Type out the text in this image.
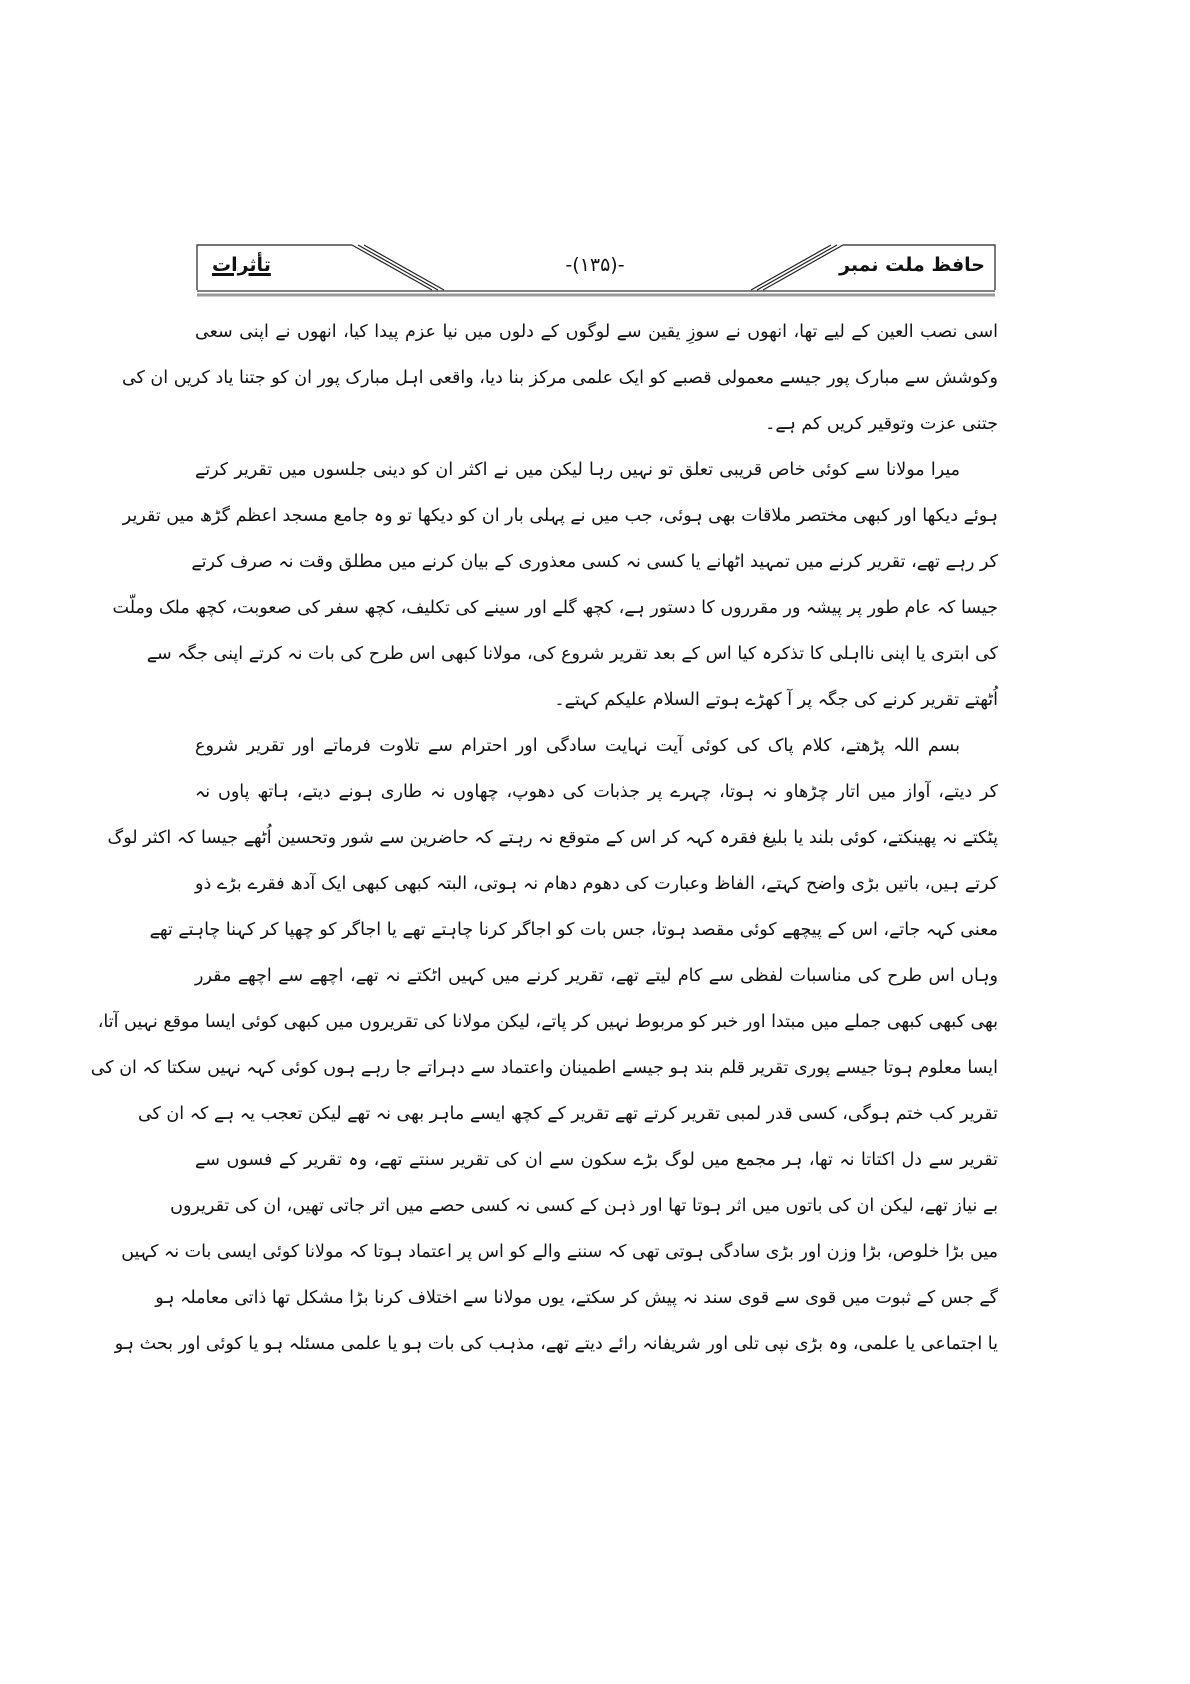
حافظ ملت نمبر
-(۱۳۵)-
تأثرات
اسی نصب العین کے لیے تھا، انھوں نے سوزِ یقین سے لوگوں کے دلوں میں نیا عزم پیدا کیا، انھوں نے اپنی سعی
وکوشش سے مبارک پور جیسے معمولی قصبے کو ایک علمی مرکز بنا دیا، واقعی اہل مبارک پور ان کو جتنا یاد کریں ان کی
جتنی عزت وتوقیر کریں کم ہے۔
میرا مولانا سے کوئی خاص قریبی تعلق تو نہیں رہا لیکن میں نے اکثر ان کو دینی جلسوں میں تقریر کرتے
ہوئے دیکھا اور کبھی مختصر ملاقات بھی ہوئی، جب میں نے پہلی بار ان کو دیکھا تو وہ جامع مسجد اعظم گڑھ میں تقریر
کر رہے تھے، تقریر کرنے میں تمہید اٹھانے یا کسی نہ کسی معذوری کے بیان کرنے میں مطلق وقت نہ صرف کرتے
جیسا کہ عام طور پر پیشہ ور مقرروں کا دستور ہے، کچھ گلے اور سینے کی تکلیف، کچھ سفر کی صعوبت، کچھ ملک وملّت
کی ابتری یا اپنی نااہلی کا تذکرہ کیا اس کے بعد تقریر شروع کی، مولانا کبھی اس طرح کی بات نہ کرتے اپنی جگہ سے
اُٹھتے تقریر کرنے کی جگہ پر آ کھڑے ہوتے السلام علیکم کہتے۔
بسم اللہ پڑھتے، کلام پاک کی کوئی آیت نہایت سادگی اور احترام سے تلاوت فرماتے اور تقریر شروع
کر دیتے، آواز میں اتار چڑھاو نہ ہوتا، چہرے پر جذبات کی دھوپ، چھاوں نہ طاری ہونے دیتے، ہاتھ پاوں نہ
پٹکتے نہ پھینکتے، کوئی بلند یا بلیغ فقرہ کہہ کر اس کے متوقع نہ رہتے کہ حاضرین سے شور وتحسین اُٹھے جیسا کہ اکثر لوگ
کرتے ہیں، باتیں بڑی واضح کہتے، الفاظ وعبارت کی دھوم دھام نہ ہوتی، البتہ کبھی کبھی ایک آدھ فقرے بڑے ذو
معنی کہہ جاتے، اس کے پیچھے کوئی مقصد ہوتا، جس بات کو اجاگر کرنا چاہتے تھے یا اجاگر کو چھپا کر کہنا چاہتے تھے
وہاں اس طرح کی مناسبات لفظی سے کام لیتے تھے، تقریر کرنے میں کہیں اٹکتے نہ تھے، اچھے سے اچھے مقرر
بھی کبھی کبھی جملے میں مبتدا اور خبر کو مربوط نہیں کر پاتے، لیکن مولانا کی تقریروں میں کبھی کوئی ایسا موقع نہیں آتا،
ایسا معلوم ہوتا جیسے پوری تقریر قلم بند ہو جیسے اطمینان واعتماد سے دہراتے جا رہے ہوں کوئی کہہ نہیں سکتا کہ ان کی
تقریر کب ختم ہوگی، کسی قدر لمبی تقریر کرتے تھے تقریر کے کچھ ایسے ماہر بھی نہ تھے لیکن تعجب یہ ہے کہ ان کی
تقریر سے دل اکتاتا نہ تھا، ہر مجمع میں لوگ بڑے سکون سے ان کی تقریر سنتے تھے، وہ تقریر کے فسوں سے
بے نیاز تھے، لیکن ان کی باتوں میں اثر ہوتا تھا اور ذہن کے کسی نہ کسی حصے میں اتر جاتی تھیں، ان کی تقریروں
میں بڑا خلوص، بڑا وزن اور بڑی سادگی ہوتی تھی کہ سننے والے کو اس پر اعتماد ہوتا کہ مولانا کوئی ایسی بات نہ کہیں
گے جس کے ثبوت میں قوی سے قوی سند نہ پیش کر سکتے، یوں مولانا سے اختلاف کرنا بڑا مشکل تھا ذاتی معاملہ ہو
یا اجتماعی یا علمی، وہ بڑی نپی تلی اور شریفانہ رائے دیتے تھے، مذہب کی بات ہو یا علمی مسئلہ ہو یا کوئی اور بحث ہو
